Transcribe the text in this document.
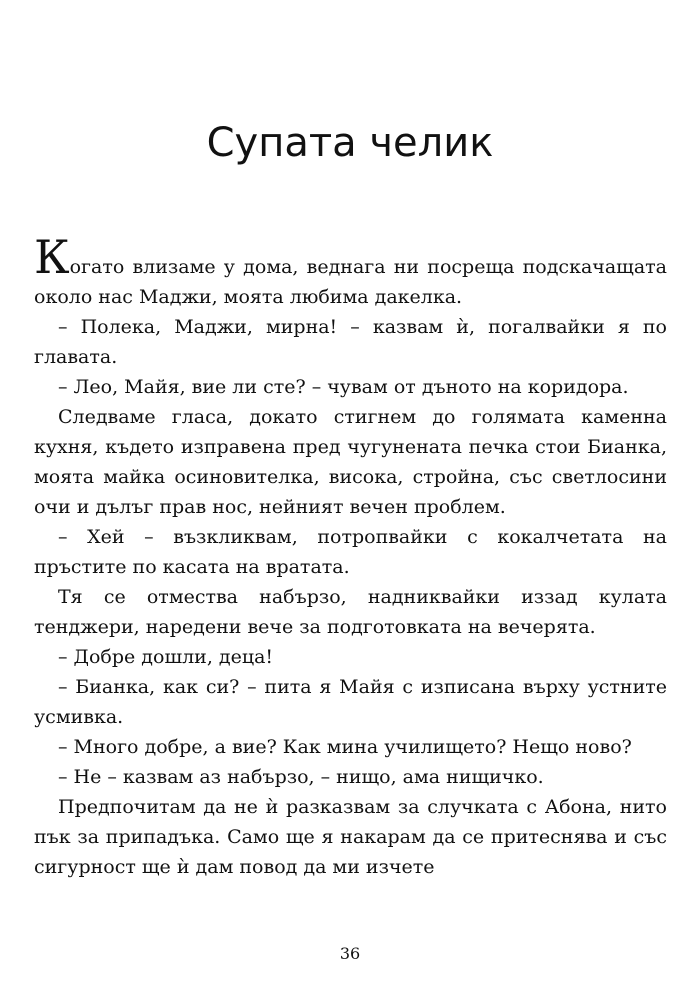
Супата челик

Когато влизаме у дома, веднага ни посреща подскачащата около нас Маджи, моята любима дакелка.

– Полека, Маджи, мирна! – казвам ѝ, погалвайки я по главата.

– Лео, Майя, вие ли сте? – чувам от дъното на коридора.

Следваме гласа, докато стигнем до голямата каменна кухня, където изправена пред чугунената печка стои Бианка, моята майка осиновителка, висока, стройна, със светлосини очи и дълъг прав нос, нейният вечен проблем.

– Хей – възкликвам, потропвайки с кокалчетата на пръстите по касата на вратата.

Тя се отмества набързо, надниквайки иззад кулата тенджери, наредени вече за подготовката на вечерята.

– Добре дошли, деца!

– Бианка, как си? – пита я Майя с изписана върху устните усмивка.

– Много добре, а вие? Как мина училището? Нещо ново?

– Не – казвам аз набързо, – нищо, ама нищичко.

Предпочитам да не ѝ разказвам за случката с Абона, нито пък за припадъка. Само ще я накарам да се притеснява и със сигурност ще ѝ дам повод да ми изчете

36
